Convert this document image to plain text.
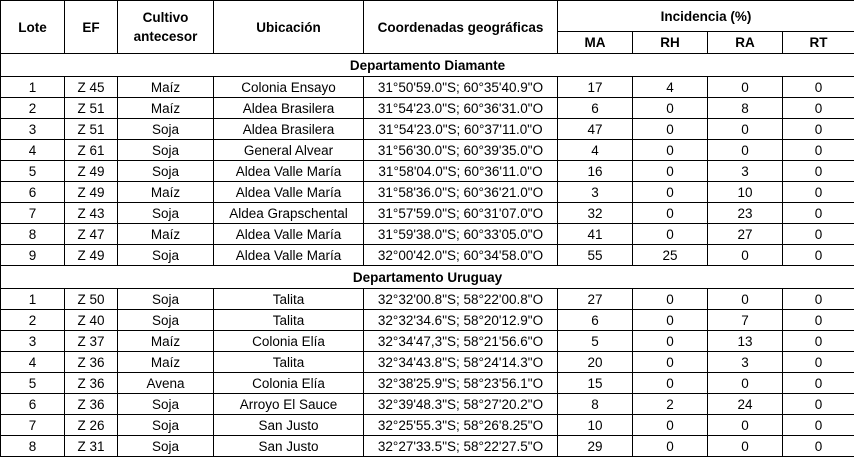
Lote	EF	Cultivo antecesor	Ubicación	Coordenadas geográficas	Incidencia (%)			
					MA	RH	RA	RT
Departamento Diamante								
1	Z 45	Maíz	Colonia Ensayo	31°50'59.0"S; 60°35'40.9"O	17	4	0	0
2	Z 51	Maíz	Aldea Brasilera	31°54'23.0"S; 60°36'31.0"O	6	0	8	0
3	Z 51	Soja	Aldea Brasilera	31°54'23.0"S; 60°37'11.0"O	47	0	0	0
4	Z 61	Soja	General Alvear	31°56'30.0"S; 60°39'35.0"O	4	0	0	0
5	Z 49	Soja	Aldea Valle María	31°58'04.0"S; 60°36'11.0"O	16	0	3	0
6	Z 49	Maíz	Aldea Valle María	31°58'36.0"S; 60°36'21.0"O	3	0	10	0
7	Z 43	Soja	Aldea Grapschental	31°57'59.0"S; 60°31'07.0"O	32	0	23	0
8	Z 47	Maíz	Aldea Valle María	31°59'38.0"S; 60°33'05.0"O	41	0	27	0
9	Z 49	Soja	Aldea Valle María	32°00'42.0"S; 60°34'58.0"O	55	25	0	0
Departamento Uruguay								
1	Z 50	Soja	Talita	32°32'00.8"S; 58°22'00.8"O	27	0	0	0
2	Z 40	Soja	Talita	32°32'34.6"S; 58°20'12.9"O	6	0	7	0
3	Z 37	Maíz	Colonia Elía	32°34'47,3"S; 58°21'56.6"O	5	0	13	0
4	Z 36	Maíz	Talita	32°34'43.8"S; 58°24'14.3"O	20	0	3	0
5	Z 36	Avena	Colonia Elía	32°38'25.9"S; 58°23'56.1"O	15	0	0	0
6	Z 36	Soja	Arroyo El Sauce	32°39'48.3"S; 58°27'20.2"O	8	2	24	0
7	Z 26	Soja	San Justo	32°25'55.3"S; 58°26'8.25"O	10	0	0	0
8	Z 31	Soja	San Justo	32°27'33.5"S; 58°22'27.5"O	29	0	0	0
